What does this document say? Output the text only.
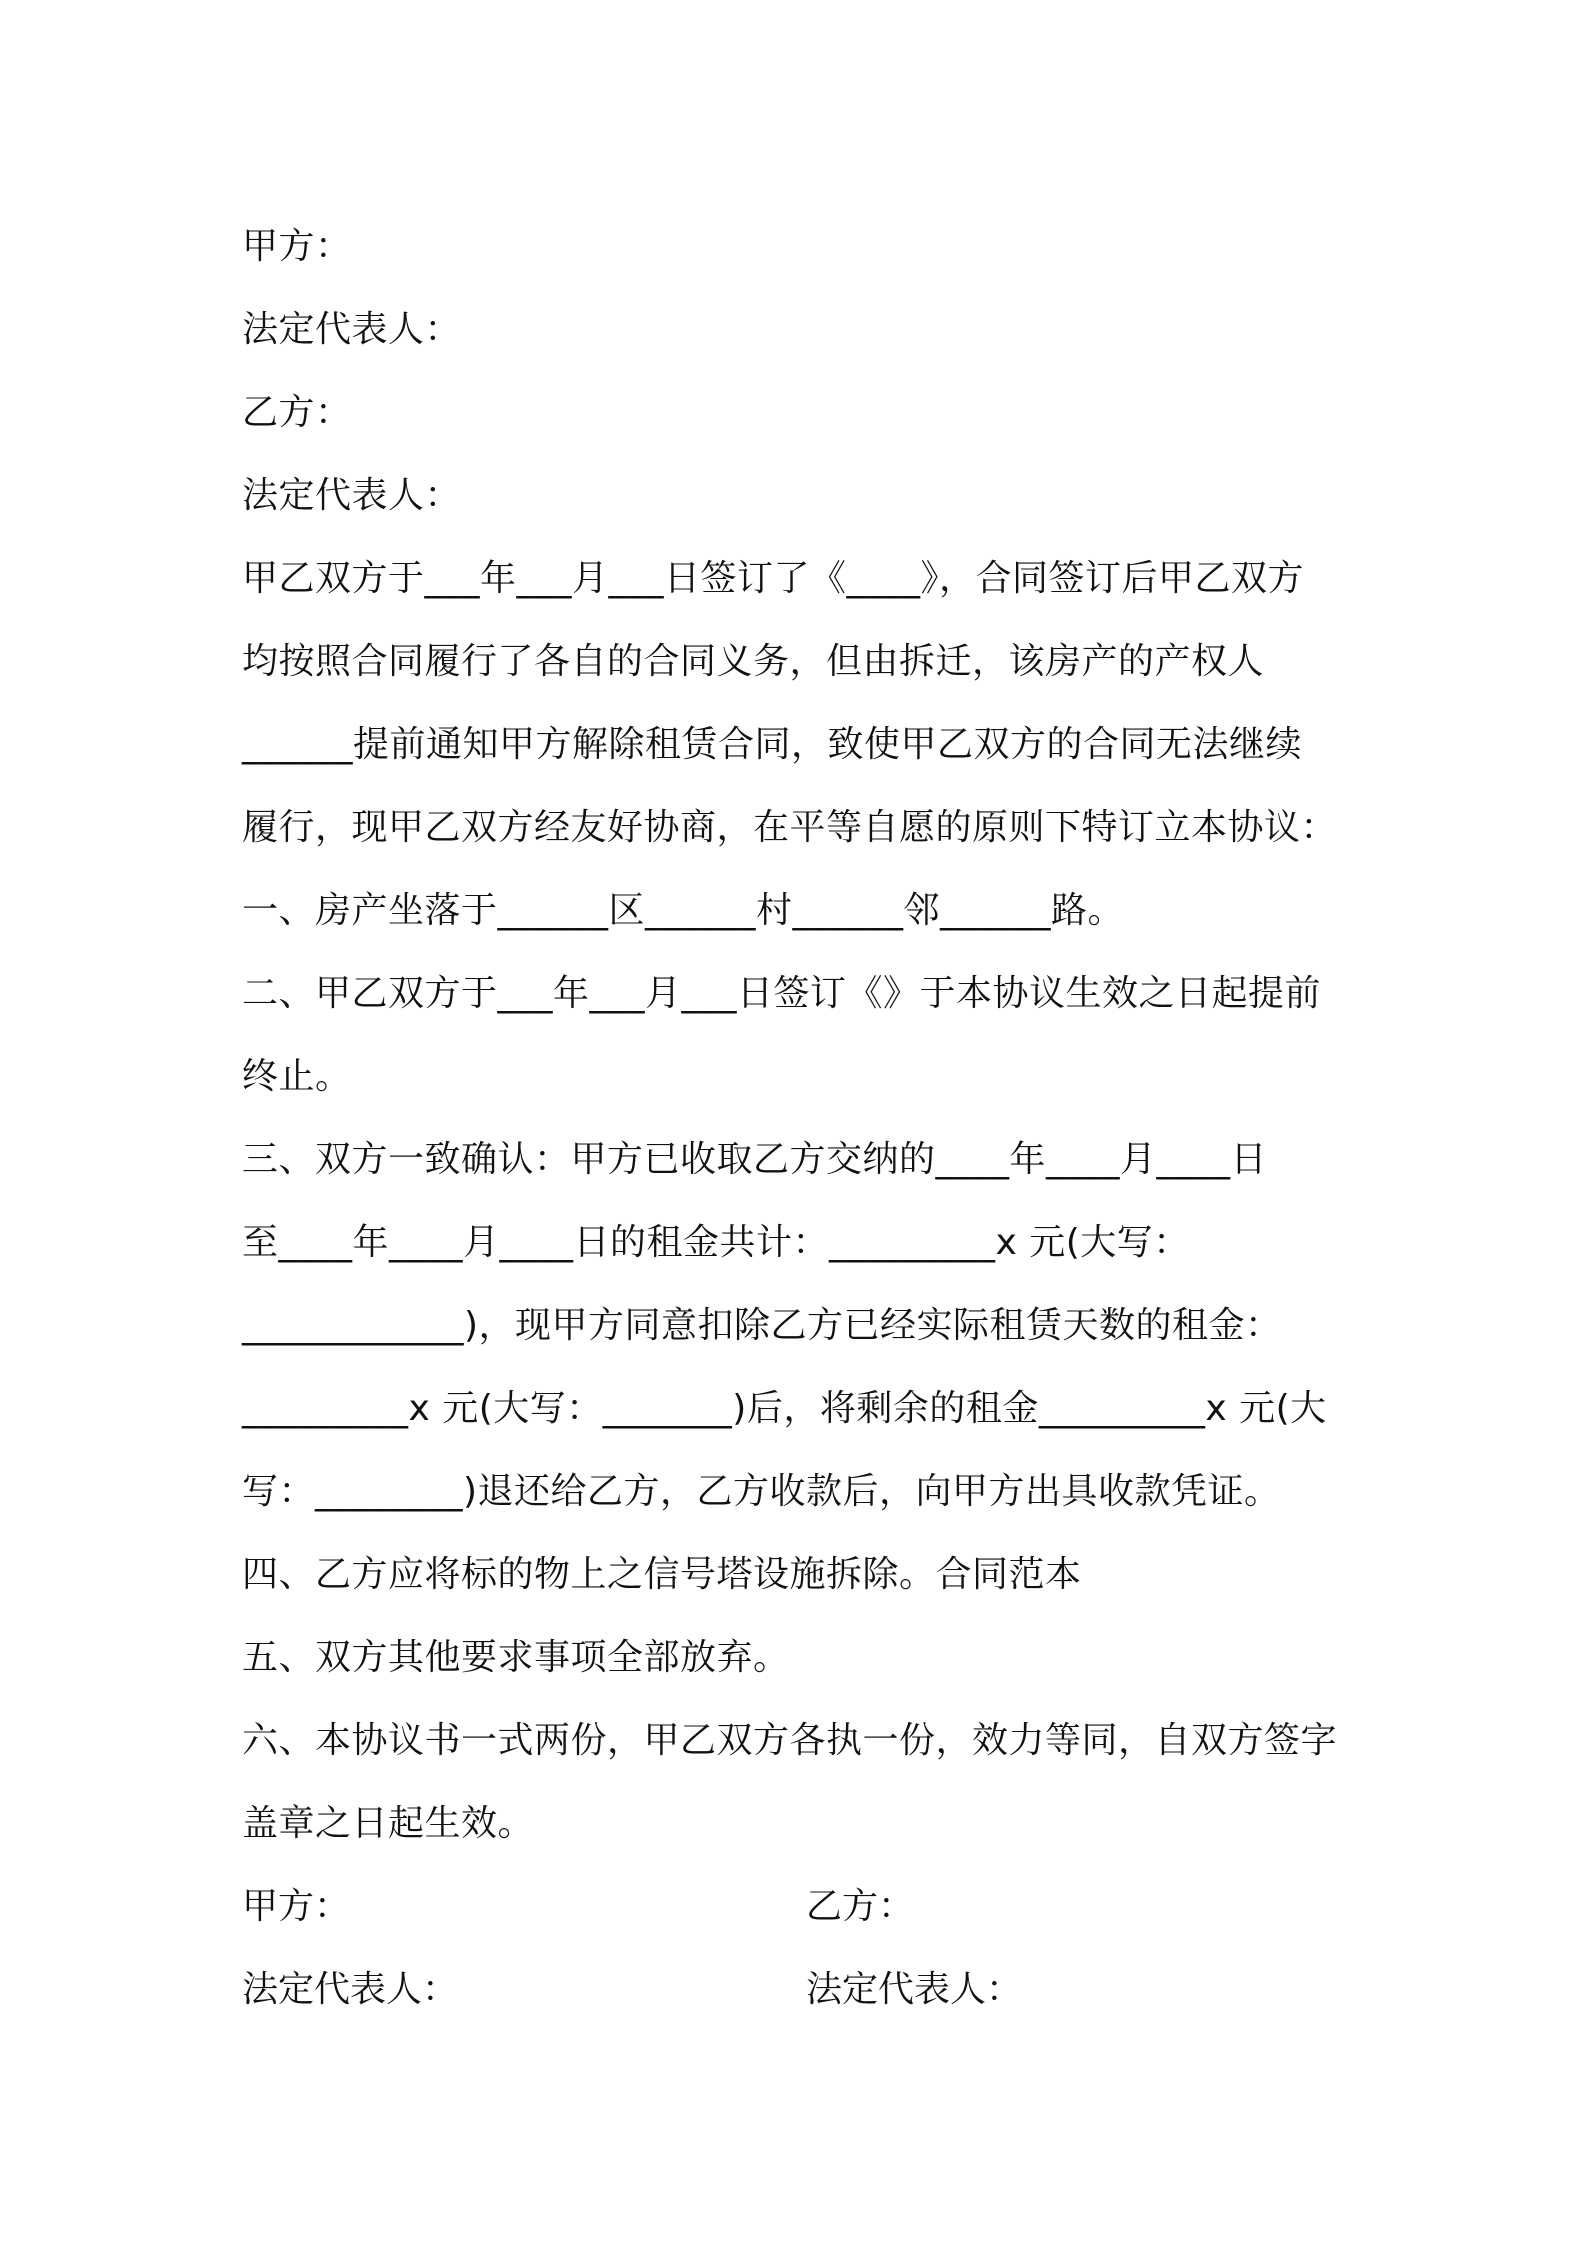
甲方：
法定代表人：
乙方：
法定代表人：
甲乙双方于___年___月___日签订了《____》，合同签订后甲乙双方
均按照合同履行了各自的合同义务，但由拆迁，该房产的产权人
______提前通知甲方解除租赁合同，致使甲乙双方的合同无法继续
履行，现甲乙双方经友好协商，在平等自愿的原则下特订立本协议：
一、房产坐落于______区______村______邻______路。
二、甲乙双方于___年___月___日签订《》于本协议生效之日起提前
终止。
三、双方一致确认：甲方已收取乙方交纳的____年____月____日
至____年____月____日的租金共计：_________x 元(大写：
____________)，现甲方同意扣除乙方已经实际租赁天数的租金：
_________x 元(大写：_______)后，将剩余的租金_________x 元(大
写：________)退还给乙方，乙方收款后，向甲方出具收款凭证。
四、乙方应将标的物上之信号塔设施拆除。合同范本
五、双方其他要求事项全部放弃。
六、本协议书一式两份，甲乙双方各执一份，效力等同，自双方签字
盖章之日起生效。
甲方：	乙方：
法定代表人：	法定代表人：
